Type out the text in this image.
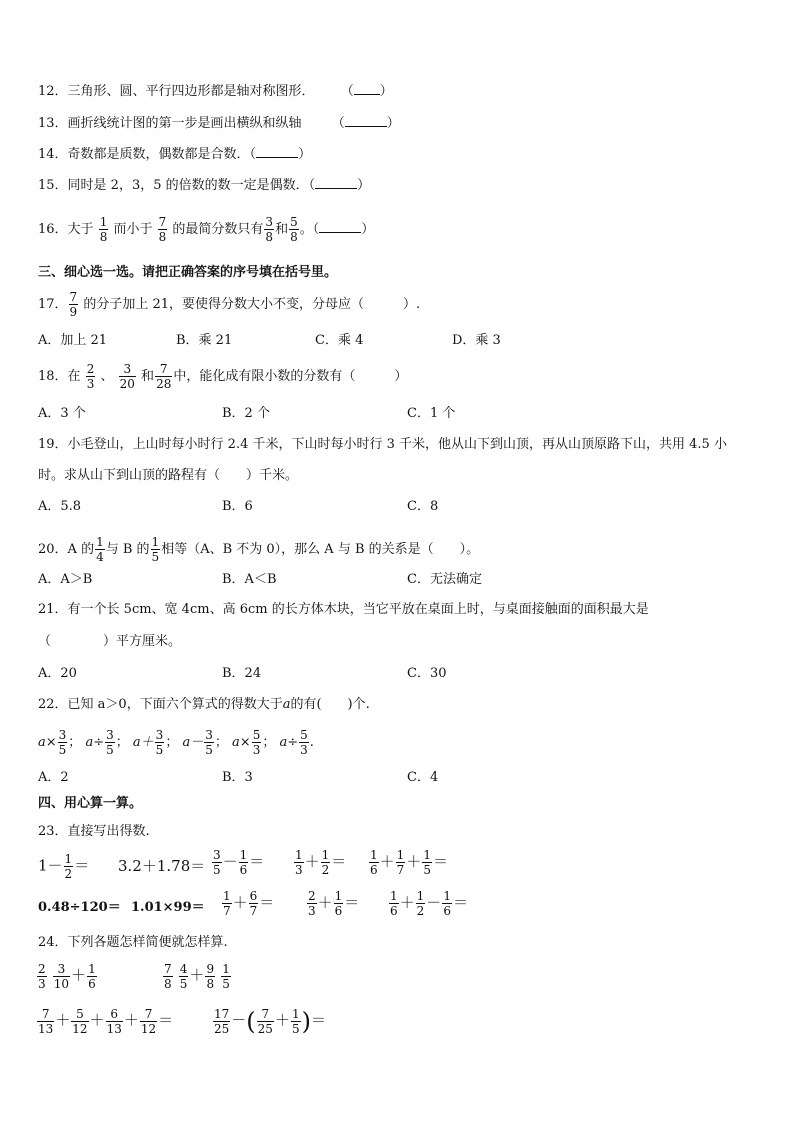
12．三角形、圆、平行四边形都是轴对称图形． （ ）
13．画折线统计图的第一步是画出横纵和纵轴 （	）
14．奇数都是质数，偶数都是合数．（	）
15．同时是 2，3，5 的倍数的数一定是偶数．（	）
16．大于 $\frac{1}{8}$ 而小于 $\frac{7}{8}$ 的最简分数只有 $\frac{3}{8}$ 和 $\frac{5}{8}$ 。（	）
三、细心选一选。请把正确答案的序号填在括号里。
17． $\frac{7}{9}$ 的分子加上 21，要使得分数大小不变，分母应（　　　）.
A．加上 21	B．乘 21	C．乘 4	D．乘 3
18．在 $\frac{2}{3}$ 、 $\frac{3}{20}$ 和 $\frac{7}{28}$ 中，能化成有限小数的分数有（　　　）
A．3 个	B．2 个	C．1 个
19．小毛登山，上山时每小时行 2.4 千米，下山时每小时行 3 千米，他从山下到山顶，再从山顶原路下山，共用 4.5 小
时。求从山下到山顶的路程有（　　）千米。
A．5.8	B．6	C．8
20．A 的 $\frac{1}{4}$ 与 B 的 $\frac{1}{5}$ 相等（A、B 不为 0），那么 A 与 B 的关系是（　　）。
A．A＞B	B．A＜B	C．无法确定
21．有一个长 5cm、宽 4cm、高 6cm 的长方体木块，当它平放在桌面上时，与桌面接触面的面积最大是
（　　　　）平方厘米。
A．20	B．24	C．30
22．已知 a＞0，下面六个算式的得数大于a的有(　　)个.
$a\times \frac{3}{5}$ ； $a\div \frac{3}{5}$ ； $a+ \frac{3}{5}$ ； $a- \frac{3}{5}$ ； $a\times \frac{5}{3}$ ； $a\div \frac{5}{3}$ .
A．2	B．3	C．4
四、用心算一算。
23．直接写出得数.
$1- \frac{1}{2} = 3.2+1.78= \frac{3}{5} - \frac{1}{6} = \frac{1}{3} + \frac{1}{2} = \frac{1}{6} + \frac{1}{7} + \frac{1}{5}$ ＝
$0.48\div 120= 1.01\times 99= \frac{1}{7} + \frac{6}{7}$ ＝	$\frac{2}{3} + \frac{1}{6} = \frac{1}{6} + \frac{1}{2} - \frac{1}{6}$ ＝
24．下列各题怎样简便就怎样算.
$\frac{2}{3}$
$\frac{3}{10} + \frac{1}{6}$	$\frac{7}{8}$
$\frac{4}{5} + \frac{9}{8}$
$\frac{1}{5}$
$\frac{7}{13} + \frac{5}{12} + \frac{6}{13} + \frac{7}{12}$ ＝	$\frac{17}{25}$ －( $\frac{7}{25} + \frac{1}{5}$ )＝
